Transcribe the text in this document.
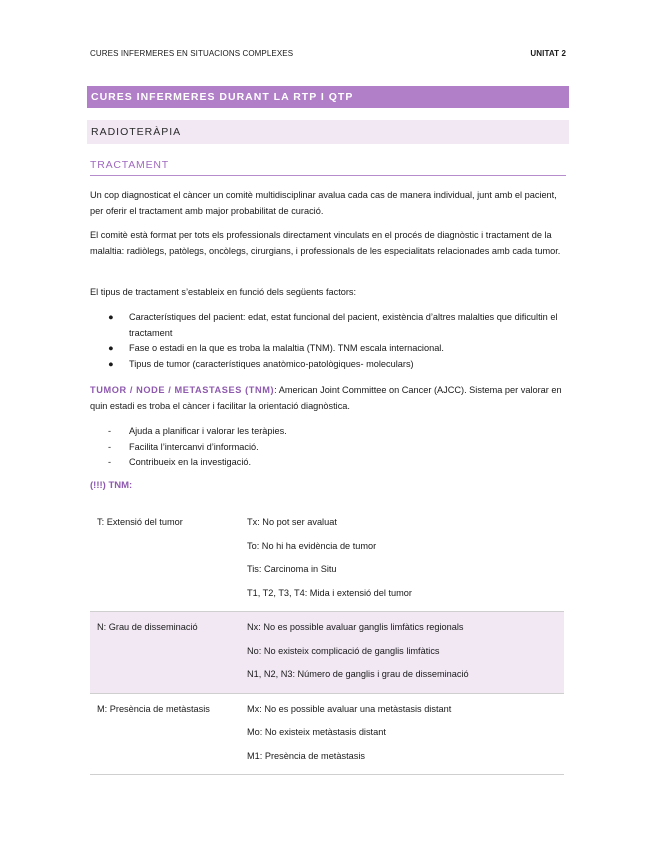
CURES INFERMERES EN SITUACIONS COMPLEXES	UNITAT 2
CURES INFERMERES DURANT LA RTP I QTP
RADIOTERÀPIA
TRACTAMENT
Un cop diagnosticat el càncer un comitè multidisciplinar avalua cada cas de manera individual, junt amb el pacient, per oferir el tractament amb major probabilitat de curació.
El comitè està format per tots els professionals directament vinculats en el procés de diagnòstic i tractament de la malaltia: radiòlegs, patòlegs, oncòlegs, cirurgians, i professionals de les especialitats relacionades amb cada tumor.
El tipus de tractament s’estableix en funció dels següents factors:
● Característiques del pacient: edat, estat funcional del pacient, existència d’altres malalties que dificultin el tractament
● Fase o estadi en la que es troba la malaltia (TNM). TNM escala internacional.
● Tipus de tumor (característiques anatòmico-patològiques- moleculars)
TUMOR / NODE / METASTASES (TNM): American Joint Committee on Cancer (AJCC). Sistema per valorar en quin estadi es troba el càncer i facilitar la orientació diagnòstica.
- Ajuda a planificar i valorar les teràpies.
- Facilita l’intercanvi d’informació.
- Contribueix en la investigació.
(!!!) TNM:
T: Extensió del tumor	Tx: No pot ser avaluat
To: No hi ha evidència de tumor
Tis: Carcinoma in Situ
T1, T2, T3, T4: Mida i extensió del tumor

N: Grau de disseminació	Nx: No es possible avaluar ganglis limfàtics regionals
No: No existeix complicació de ganglis limfàtics
N1, N2, N3: Número de ganglis i grau de disseminació

M: Presència de metàstasis	Mx: No es possible avaluar una metàstasis distant
Mo: No existeix metàstasis distant
M1: Presència de metàstasis
